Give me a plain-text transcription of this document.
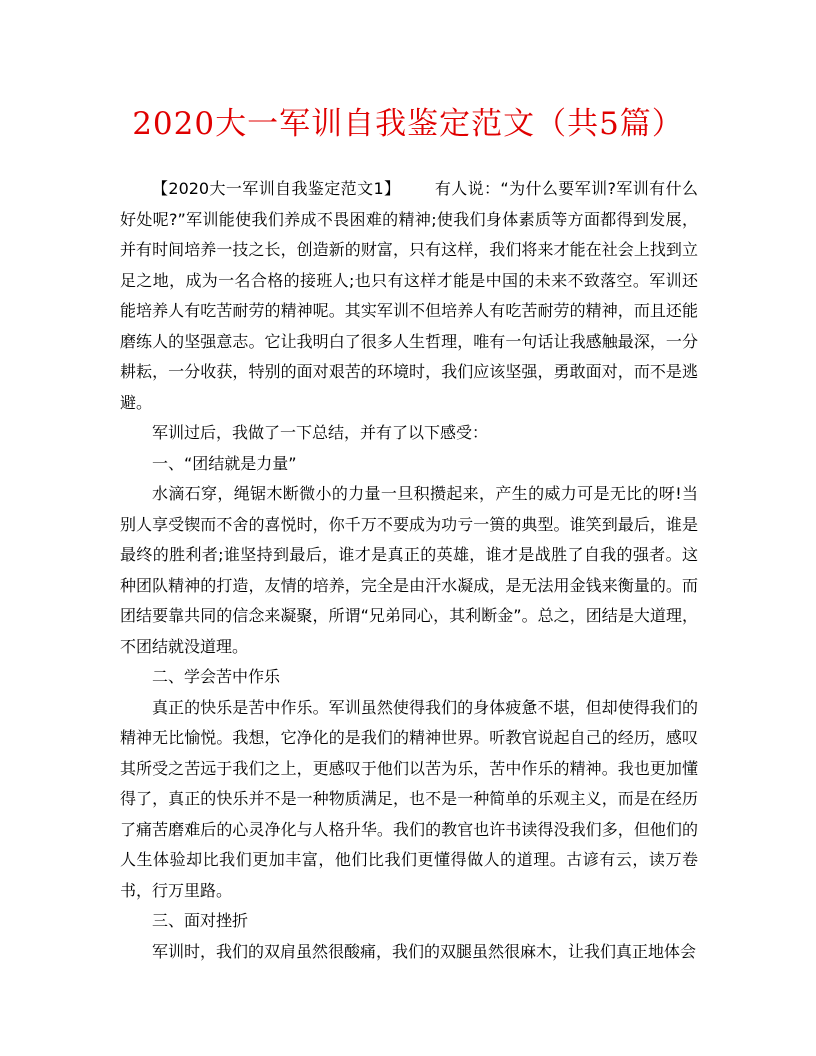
2020大一军训自我鉴定范文（共5篇）

【2020大一军训自我鉴定范文1】 有人说：“为什么要军训?军训有什么好处呢?”军训能使我们养成不畏困难的精神;使我们身体素质等方面都得到发展，并有时间培养一技之长，创造新的财富，只有这样，我们将来才能在社会上找到立足之地，成为一名合格的接班人;也只有这样才能是中国的未来不致落空。军训还能培养人有吃苦耐劳的精神呢。其实军训不但培养人有吃苦耐劳的精神，而且还能磨练人的坚强意志。它让我明白了很多人生哲理，唯有一句话让我感触最深，一分耕耘，一分收获，特别的面对艰苦的环境时，我们应该坚强，勇敢面对，而不是逃避。

军训过后，我做了一下总结，并有了以下感受：

一、“团结就是力量”

水滴石穿，绳锯木断微小的力量一旦积攒起来，产生的威力可是无比的呀!当别人享受锲而不舍的喜悦时，你千万不要成为功亏一篑的典型。谁笑到最后，谁是最终的胜利者;谁坚持到最后，谁才是真正的英雄，谁才是战胜了自我的强者。这种团队精神的打造，友情的培养，完全是由汗水凝成，是无法用金钱来衡量的。而团结要靠共同的信念来凝聚，所谓“兄弟同心，其利断金”。总之，团结是大道理，不团结就没道理。

二、学会苦中作乐

真正的快乐是苦中作乐。军训虽然使得我们的身体疲惫不堪，但却使得我们的精神无比愉悦。我想，它净化的是我们的精神世界。听教官说起自己的经历，感叹其所受之苦远于我们之上，更感叹于他们以苦为乐，苦中作乐的精神。我也更加懂得了，真正的快乐并不是一种物质满足，也不是一种简单的乐观主义，而是在经历了痛苦磨难后的心灵净化与人格升华。我们的教官也许书读得没我们多，但他们的人生体验却比我们更加丰富，他们比我们更懂得做人的道理。古谚有云，读万卷书，行万里路。

三、面对挫折

军训时，我们的双肩虽然很酸痛，我们的双腿虽然很麻木，让我们真正地体会
